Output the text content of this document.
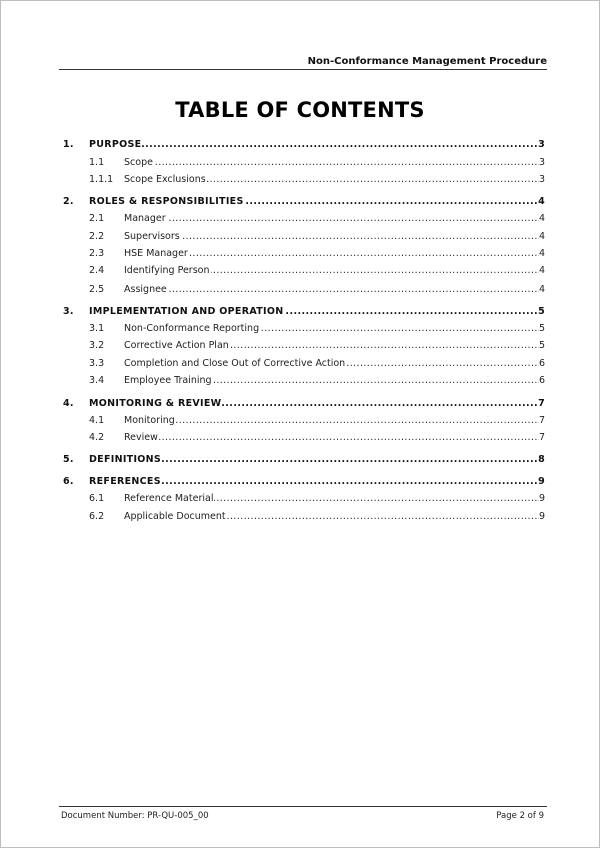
Non-Conformance Management Procedure
TABLE OF CONTENTS
1. PURPOSE .....	3
1.1 Scope .....	3
1.1.1 Scope Exclusions .....	3
2. ROLES & RESPONSIBILITIES .....	4
2.1 Manager .....	4
2.2 Supervisors .....	4
2.3 HSE Manager .....	4
2.4 Identifying Person .....	4
2.5 Assignee .....	4
3. IMPLEMENTATION AND OPERATION .....	5
3.1 Non-Conformance Reporting .....	5
3.2 Corrective Action Plan .....	5
3.3 Completion and Close Out of Corrective Action .....	6
3.4 Employee Training .....	6
4. MONITORING & REVIEW .....	7
4.1 Monitoring .....	7
4.2 Review .....	7
5. DEFINITIONS .....	8
6. REFERENCES .....	9
6.1 Reference Material .....	9
6.2 Applicable Document .....	9
Document Number: PR-QU-005_00	Page 2 of 9
